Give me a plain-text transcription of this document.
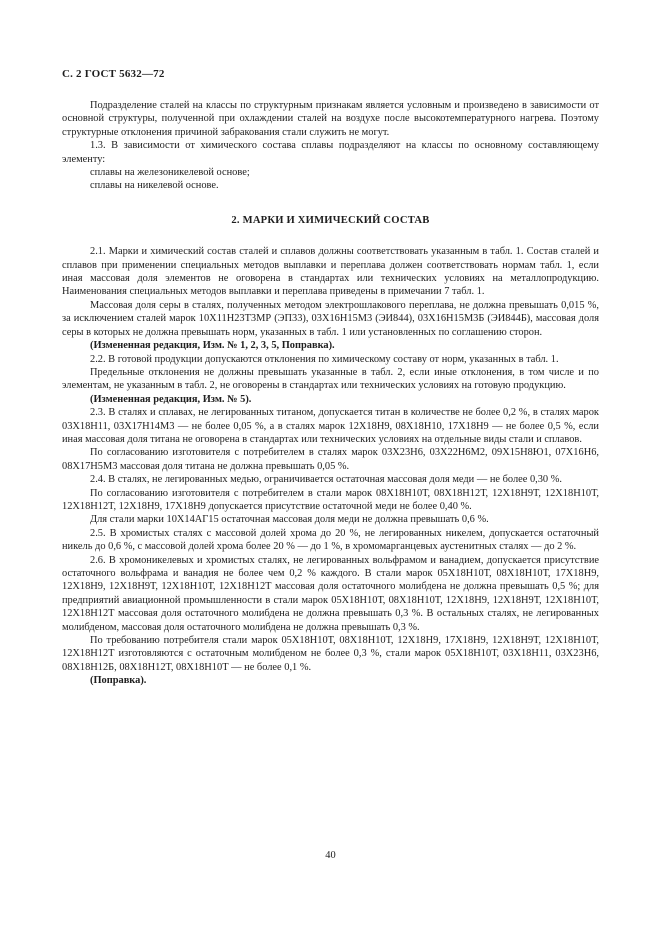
С. 2 ГОСТ 5632—72

Подразделение сталей на классы по структурным признакам является условным и произведено в зависимости от основной структуры, полученной при охлаждении сталей на воздухе после высокотемпературного нагрева. Поэтому структурные отклонения причиной забракования стали служить не могут.

1.3. В зависимости от химического состава сплавы подразделяют на классы по основному составляющему элементу:

сплавы на железоникелевой основе;

сплавы на никелевой основе.

2. МАРКИ И ХИМИЧЕСКИЙ СОСТАВ

2.1. Марки и химический состав сталей и сплавов должны соответствовать указанным в табл. 1. Состав сталей и сплавов при применении специальных методов выплавки и переплава должен соответствовать нормам табл. 1, если иная массовая доля элементов не оговорена в стандартах или технических условиях на металлопродукцию. Наименования специальных методов выплавки и переплава приведены в примечании 7 табл. 1.

Массовая доля серы в сталях, полученных методом электрошлакового переплава, не должна превышать 0,015 %, за исключением сталей марок 10Х11Н23Т3МР (ЭП33), 03Х16Н15М3 (ЭИ844), 03Х16Н15М3Б (ЭИ844Б), массовая доля серы в которых не должна превышать норм, указанных в табл. 1 или установленных по соглашению сторон.

(Измененная редакция, Изм. № 1, 2, 3, 5, Поправка).

2.2. В готовой продукции допускаются отклонения по химическому составу от норм, указанных в табл. 1.

Предельные отклонения не должны превышать указанные в табл. 2, если иные отклонения, в том числе и по элементам, не указанным в табл. 2, не оговорены в стандартах или технических условиях на готовую продукцию.

(Измененная редакция, Изм. № 5).

2.3. В сталях и сплавах, не легированных титаном, допускается титан в количестве не более 0,2 %, в сталях марок 03Х18Н11, 03Х17Н14М3 — не более 0,05 %, а в сталях марок 12Х18Н9, 08Х18Н10, 17Х18Н9 — не более 0,5 %, если иная массовая доля титана не оговорена в стандартах или технических условиях на отдельные виды стали и сплавов.

По согласованию изготовителя с потребителем в сталях марок 03Х23Н6, 03Х22Н6М2, 09Х15Н8Ю1, 07Х16Н6, 08Х17Н5М3 массовая доля титана не должна превышать 0,05 %.

2.4. В сталях, не легированных медью, ограничивается остаточная массовая доля меди — не более 0,30 %.

По согласованию изготовителя с потребителем в стали марок 08Х18Н10Т, 08Х18Н12Т, 12Х18Н9Т, 12Х18Н10Т, 12Х18Н12Т, 12Х18Н9, 17Х18Н9 допускается присутствие остаточной меди не более 0,40 %.

Для стали марки 10Х14АГ15 остаточная массовая доля меди не должна превышать 0,6 %.

2.5. В хромистых сталях с массовой долей хрома до 20 %, не легированных никелем, допускается остаточный никель до 0,6 %, с массовой долей хрома более 20 % — до 1 %, в хромомарганцевых аустенитных сталях — до 2 %.

2.6. В хромоникелевых и хромистых сталях, не легированных вольфрамом и ванадием, допускается присутствие остаточного вольфрама и ванадия не более чем 0,2 % каждого. В стали марок 05Х18Н10Т, 08Х18Н10Т, 17Х18Н9, 12Х18Н9, 12Х18Н9Т, 12Х18Н10Т, 12Х18Н12Т массовая доля остаточного молибдена не должна превышать 0,5 %; для предприятий авиационной промышленности в стали марок 05Х18Н10Т, 08Х18Н10Т, 12Х18Н9, 12Х18Н9Т, 12Х18Н10Т, 12Х18Н12Т массовая доля остаточного молибдена не должна превышать 0,3 %. В остальных сталях, не легированных молибденом, массовая доля остаточного молибдена не должна превышать 0,3 %.

По требованию потребителя стали марок 05Х18Н10Т, 08Х18Н10Т, 12Х18Н9, 17Х18Н9, 12Х18Н9Т, 12Х18Н10Т, 12Х18Н12Т изготовляются с остаточным молибденом не более 0,3 %, стали марок 05Х18Н10Т, 03Х18Н11, 03Х23Н6, 08Х18Н12Б, 08Х18Н12Т, 08Х18Н10Т — не более 0,1 %.

(Поправка).

40
